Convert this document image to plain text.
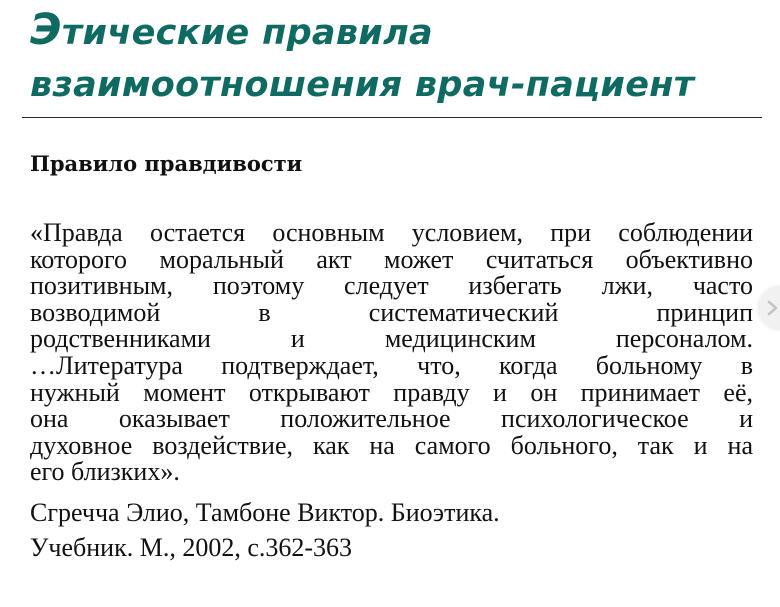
Этические правила
взаимоотношения врач-пациент
Правило правдивости
«Правда остается основным условием, при соблюдении
которого моральный акт может считаться объективно
позитивным, поэтому следует избегать лжи, часто
возводимой в систематический принцип
родственниками и медицинским персоналом.
…Литература подтверждает, что, когда больному в
нужный момент открывают правду и он принимает её,
она оказывает положительное психологическое и
духовное воздействие, как на самого больного, так и на
его близких».

Сгречча Элио, Тамбоне Виктор. Биоэтика.

Учебник. М., 2002, с.362-363
